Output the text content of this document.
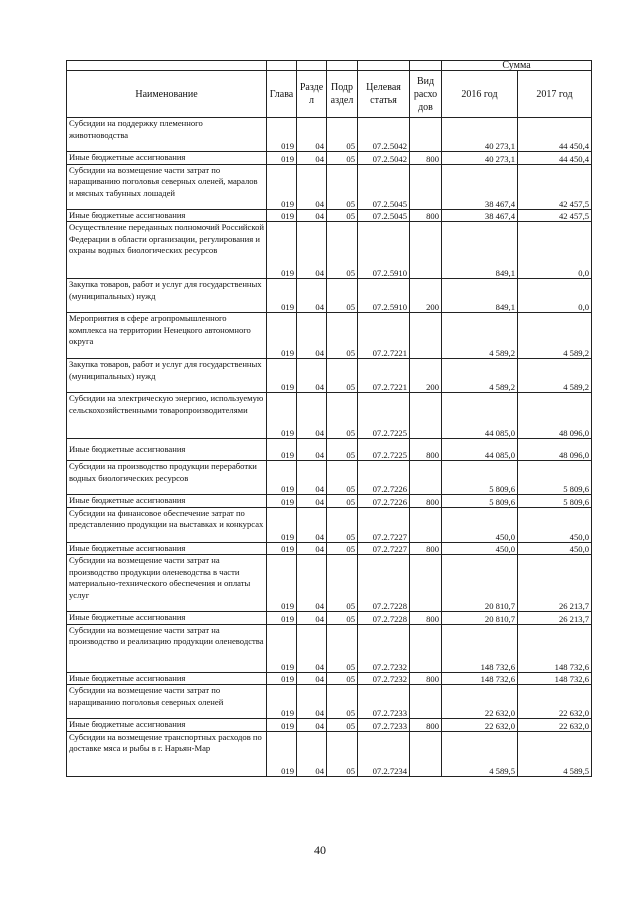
						Сумма	
Наименование	Глава	Разде л	Подр аздел	Целевая статья	Вид расхо дов	2016 год	2017 год
Субсидии на поддержку племенного животноводства	019	04	05	07.2.5042		40 273,1	44 450,4
Иные бюджетные ассигнования	019	04	05	07.2.5042	800	40 273,1	44 450,4
Субсидии на возмещение части затрат по наращиванию поголовья северных оленей, маралов и мясных табунных лошадей	019	04	05	07.2.5045		38 467,4	42 457,5
Иные бюджетные ассигнования	019	04	05	07.2.5045	800	38 467,4	42 457,5
Осуществление переданных полномочий Российской Федерации в области организации, регулирования и охраны водных биологических ресурсов	019	04	05	07.2.5910		849,1	0,0
Закупка товаров, работ и услуг для государственных (муниципальных) нужд	019	04	05	07.2.5910	200	849,1	0,0
Мероприятия в сфере агропромышленного комплекса на территории Ненецкого автономного округа	019	04	05	07.2.7221		4 589,2	4 589,2
Закупка товаров, работ и услуг для государственных (муниципальных) нужд	019	04	05	07.2.7221	200	4 589,2	4 589,2
Субсидии на электрическую энергию, используемую сельскохозяйственными товаропроизводителями	019	04	05	07.2.7225		44 085,0	48 096,0
Иные бюджетные ассигнования	019	04	05	07.2.7225	800	44 085,0	48 096,0
Субсидии на производство продукции переработки водных биологических ресурсов	019	04	05	07.2.7226		5 809,6	5 809,6
Иные бюджетные ассигнования	019	04	05	07.2.7226	800	5 809,6	5 809,6
Субсидии на финансовое обеспечение затрат по представлению продукции на выставках и конкурсах	019	04	05	07.2.7227		450,0	450,0
Иные бюджетные ассигнования	019	04	05	07.2.7227	800	450,0	450,0
Субсидии на возмещение части затрат на производство продукции оленеводства в части материально-технического обеспечения и оплаты услуг	019	04	05	07.2.7228		20 810,7	26 213,7
Иные бюджетные ассигнования	019	04	05	07.2.7228	800	20 810,7	26 213,7
Субсидии на возмещение части затрат на производство и реализацию продукции оленеводства	019	04	05	07.2.7232		148 732,6	148 732,6
Иные бюджетные ассигнования	019	04	05	07.2.7232	800	148 732,6	148 732,6
Субсидии на возмещение части затрат по наращиванию поголовья северных оленей	019	04	05	07.2.7233		22 632,0	22 632,0
Иные бюджетные ассигнования	019	04	05	07.2.7233	800	22 632,0	22 632,0
Субсидии на возмещение транспортных расходов по доставке мяса и рыбы в г. Нарьян-Мар	019	04	05	07.2.7234		4 589,5	4 589,5
40
